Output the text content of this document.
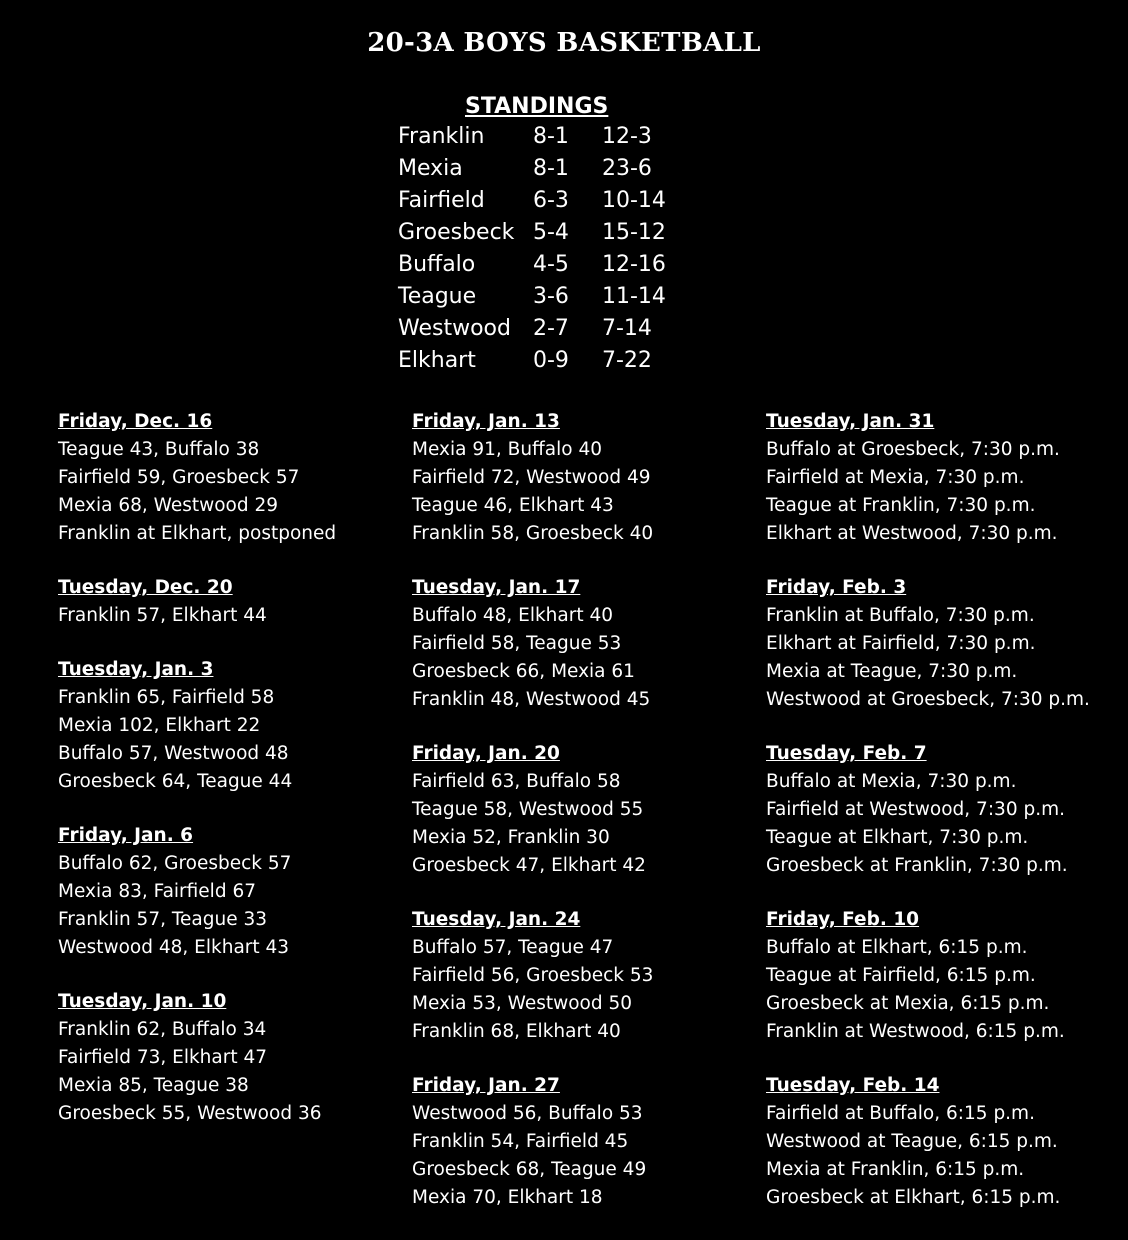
20-3A BOYS BASKETBALL
STANDINGS
Franklin 8-1 12-3
Mexia	8-1 23-6
Fairfield 6-3 10-14
Groesbeck 5-4 15-12
Buffalo	4-5 12-16
Teague	3-6 11-14
Westwood 2-7 7-14
Elkhart	0-9 7-22
Friday, Dec. 16
Teague 43, Buffalo 38
Fairfield 59, Groesbeck 57
Mexia 68, Westwood 29
Franklin at Elkhart, postponed
Tuesday, Dec. 20
Franklin 57, Elkhart 44
Tuesday, Jan. 3
Franklin 65, Fairfield 58
Mexia 102, Elkhart 22
Buffalo 57, Westwood 48
Groesbeck 64, Teague 44
Friday, Jan. 6
Buffalo 62, Groesbeck 57
Mexia 83, Fairfield 67
Franklin 57, Teague 33
Westwood 48, Elkhart 43
Tuesday, Jan. 10
Franklin 62, Buffalo 34
Fairfield 73, Elkhart 47
Mexia 85, Teague 38
Groesbeck 55, Westwood 36
Friday, Jan. 13
Mexia 91, Buffalo 40
Fairfield 72, Westwood 49
Teague 46, Elkhart 43
Franklin 58, Groesbeck 40
Tuesday, Jan. 17
Buffalo 48, Elkhart 40
Fairfield 58, Teague 53
Groesbeck 66, Mexia 61
Franklin 48, Westwood 45
Friday, Jan. 20
Fairfield 63, Buffalo 58
Teague 58, Westwood 55
Mexia 52, Franklin 30
Groesbeck 47, Elkhart 42
Tuesday, Jan. 24
Buffalo 57, Teague 47
Fairfield 56, Groesbeck 53
Mexia 53, Westwood 50
Franklin 68, Elkhart 40
Friday, Jan. 27
Westwood 56, Buffalo 53
Franklin 54, Fairfield 45
Groesbeck 68, Teague 49
Mexia 70, Elkhart 18
Tuesday, Jan. 31
Buffalo at Groesbeck, 7:30 p.m.
Fairfield at Mexia, 7:30 p.m.
Teague at Franklin, 7:30 p.m.
Elkhart at Westwood, 7:30 p.m.
Friday, Feb. 3
Franklin at Buffalo, 7:30 p.m.
Elkhart at Fairfield, 7:30 p.m.
Mexia at Teague, 7:30 p.m.
Westwood at Groesbeck, 7:30 p.m.
Tuesday, Feb. 7
Buffalo at Mexia, 7:30 p.m.
Fairfield at Westwood, 7:30 p.m.
Teague at Elkhart, 7:30 p.m.
Groesbeck at Franklin, 7:30 p.m.
Friday, Feb. 10
Buffalo at Elkhart, 6:15 p.m.
Teague at Fairfield, 6:15 p.m.
Groesbeck at Mexia, 6:15 p.m.
Franklin at Westwood, 6:15 p.m.
Tuesday, Feb. 14
Fairfield at Buffalo, 6:15 p.m.
Westwood at Teague, 6:15 p.m.
Mexia at Franklin, 6:15 p.m.
Groesbeck at Elkhart, 6:15 p.m.
